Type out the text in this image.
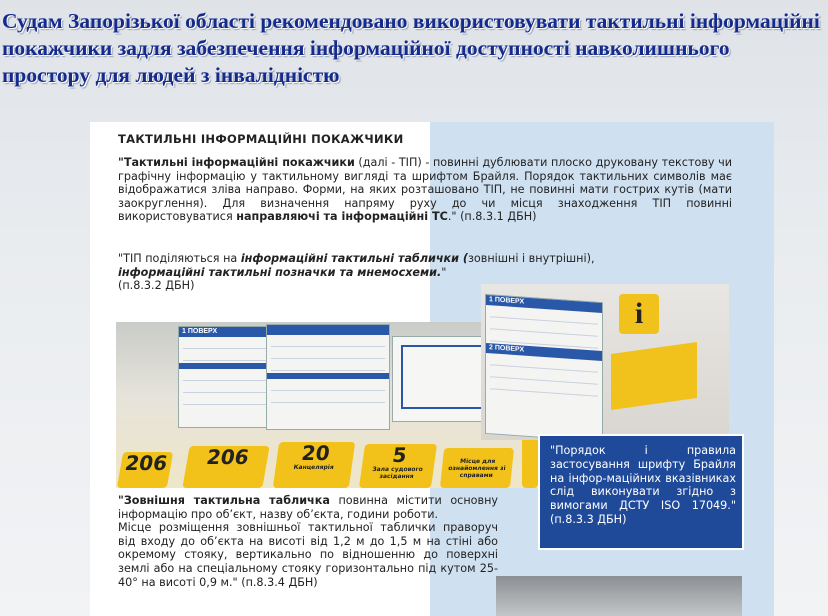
Судам Запорізької області рекомендовано використовувати тактильні інформаційні покажчики задля забезпечення інформаційної доступності навколишнього простору для людей з інвалідністю
ТАКТИЛЬНІ ІНФОРМАЦІЙНІ ПОКАЖЧИКИ

"Тактильні інформаційні покажчики (далі - ТІП) - повинні дублювати плоско друковану текстову чи графічну інформацію у тактильному вигляді та шрифтом Брайля. Порядок тактильних символів має відображатися зліва направо. Форми, на яких розташовано ТІП, не повинні мати гострих кутів (мати заокруглення). Для визначення напряму руху до чи місця знаходження ТІП повинні використовуватися направляючі та інформаційні ТС." (п.8.3.1 ДБН)

"ТІП поділяються на інформаційні тактильні таблички (зовнішні і внутрішні),
інформаційні тактильні позначки та мнемосхеми."
(п.8.3.2 ДБН)

"Зовнішня тактильна табличка повинна містити основну інформацію про об’єкт, назву об’єкта, години роботи.
Місце розміщення зовнішньої тактильної таблички праворуч від входу до об’єкта на висоті від 1,2 м до 1,5 м на стіні або окремому стояку, вертикально по відношенню до поверхні землі або на спеціальному стояку горизонтально під кутом 25-40° на висоті 0,9 м." (п.8.3.4 ДБН)

1 ПОВЕРХ
206	206	20
Канцелярія
5
Зала судового засідання
Місце для ознайомлення зі справами
1 ПОВЕРХ
2 ПОВЕРХ
i

"Порядок і правила застосування шрифту Брайля на інфор-маційних вказівниках слід виконувати згідно з вимогами ДСТУ ISO 17049." (п.8.3.3 ДБН)
